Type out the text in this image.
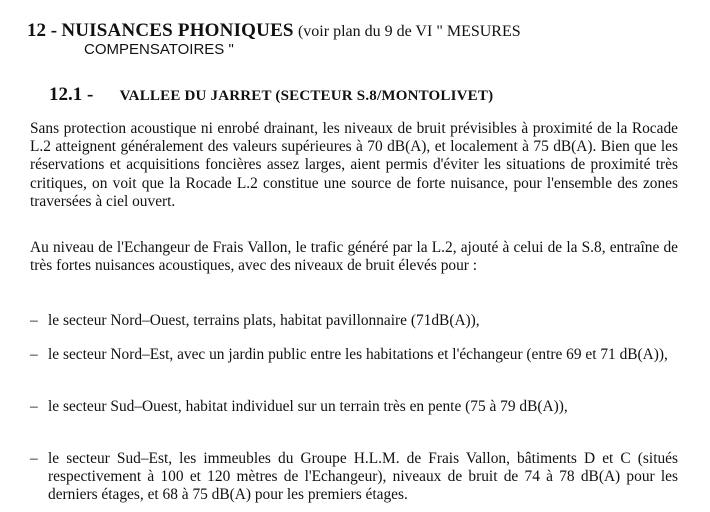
12 - NUISANCES PHONIQUES (voir plan du 9 de VI " MESURES
COMPENSATOIRES "
12.1 - VALLEE DU JARRET (SECTEUR S.8/MONTOLIVET)
Sans protection acoustique ni enrobé drainant, les niveaux de bruit prévisibles à proximité de la Rocade L.2 atteignent généralement des valeurs supérieures à 70 dB(A), et localement à 75 dB(A). Bien que les réservations et acquisitions foncières assez larges, aient permis d'éviter les situations de proximité très critiques, on voit que la Rocade L.2 constitue une source de forte nuisance, pour l'ensemble des zones traversées à ciel ouvert.
Au niveau de l'Echangeur de Frais Vallon, le trafic généré par la L.2, ajouté à celui de la S.8, entraîne de très fortes nuisances acoustiques, avec des niveaux de bruit élevés pour :
– le secteur Nord–Ouest, terrains plats, habitat pavillonnaire (71dB(A)),
– le secteur Nord–Est, avec un jardin public entre les habitations et l'échangeur (entre 69 et 71 dB(A)),
– le secteur Sud–Ouest, habitat individuel sur un terrain très en pente (75 à 79 dB(A)),
– le secteur Sud–Est, les immeubles du Groupe H.L.M. de Frais Vallon, bâtiments D et C (situés respectivement à 100 et 120 mètres de l'Echangeur), niveaux de bruit de 74 à 78 dB(A) pour les derniers étages, et 68 à 75 dB(A) pour les premiers étages.
